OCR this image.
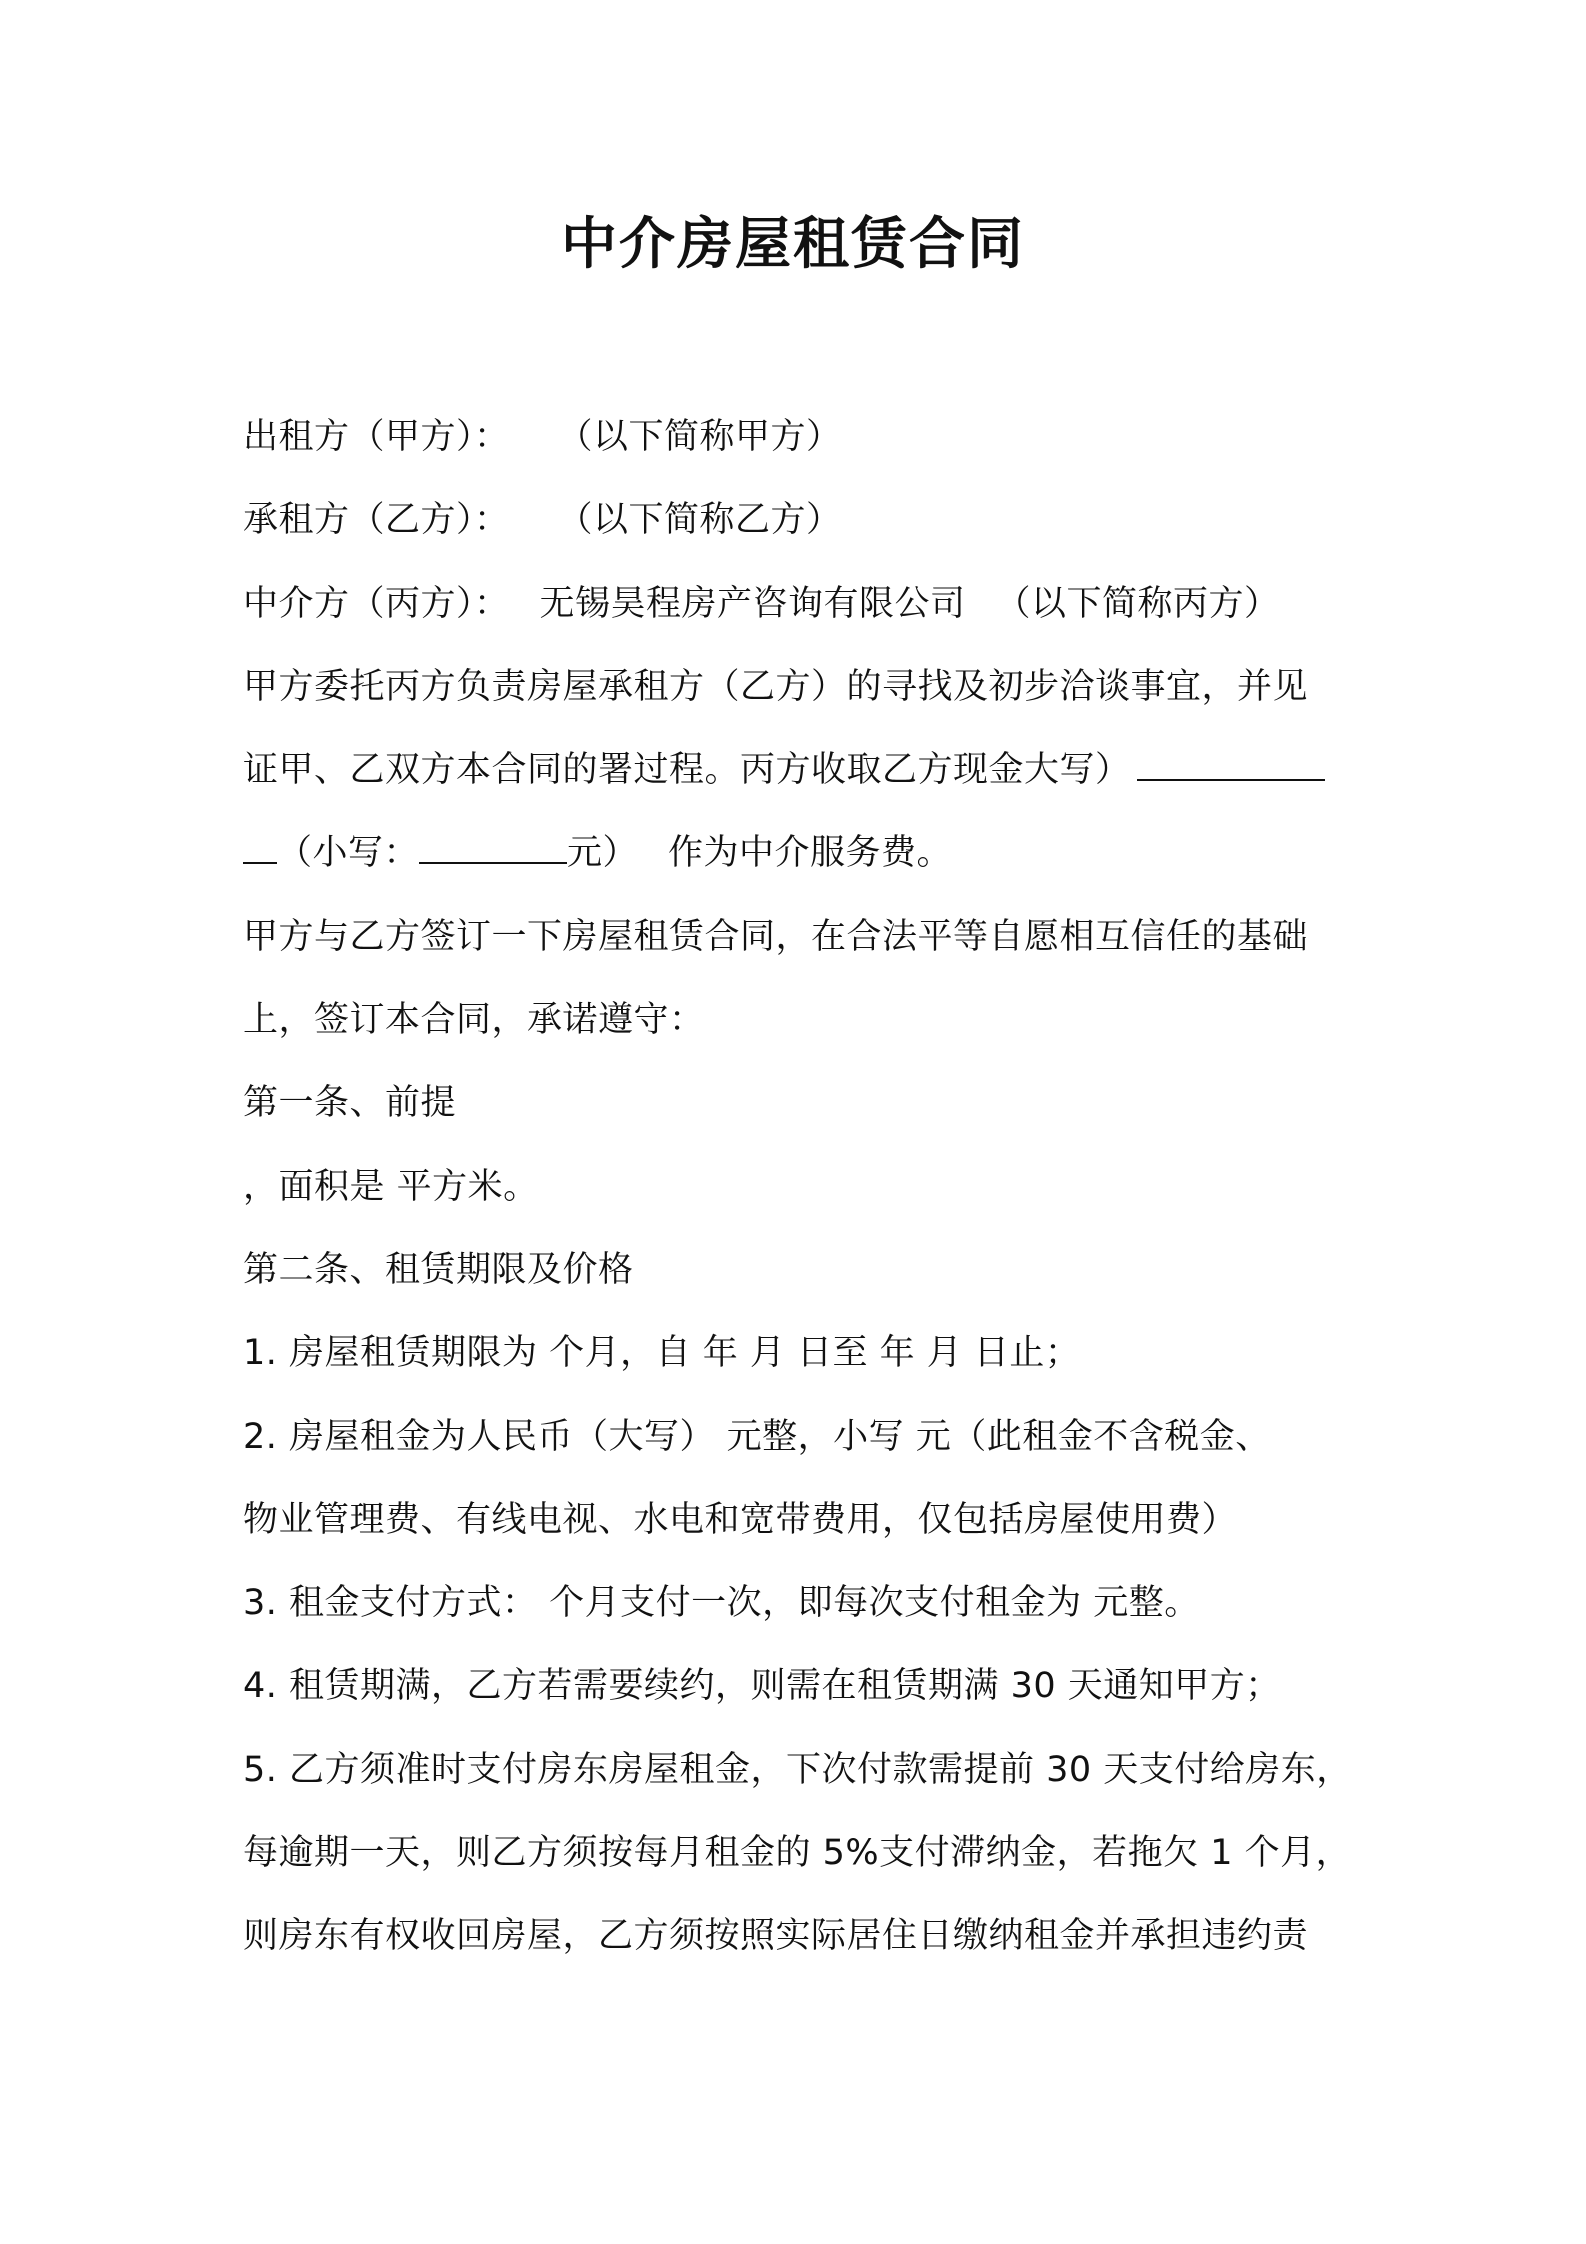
中介房屋租赁合同
出租方（甲方）： （以下简称甲方）
承租方（乙方）： （以下简称乙方）
中介方（丙方）： 无锡昊程房产咨询有限公司 （以下简称丙方）
甲方委托丙方负责房屋承租方（乙方）的寻找及初步洽谈事宜，并见
证甲、乙双方本合同的署过程。丙方收取乙方现金大写）
（小写：	元） 作为中介服务费。
甲方与乙方签订一下房屋租赁合同，在合法平等自愿相互信任的基础
上，签订本合同，承诺遵守：
第一条、前提
，面积是 平方米。
第二条、租赁期限及价格
1. 房屋租赁期限为 个月，自 年 月 日至 年 月 日止；
2. 房屋租金为人民币（大写） 元整，小写 元（此租金不含税金、
物业管理费、有线电视、水电和宽带费用，仅包括房屋使用费）
3. 租金支付方式： 个月支付一次，即每次支付租金为 元整。
4. 租赁期满，乙方若需要续约，则需在租赁期满 30 天通知甲方；
5. 乙方须准时支付房东房屋租金，下次付款需提前 30 天支付给房东，
每逾期一天，则乙方须按每月租金的 5%支付滞纳金，若拖欠 1 个月，
则房东有权收回房屋，乙方须按照实际居住日缴纳租金并承担违约责
